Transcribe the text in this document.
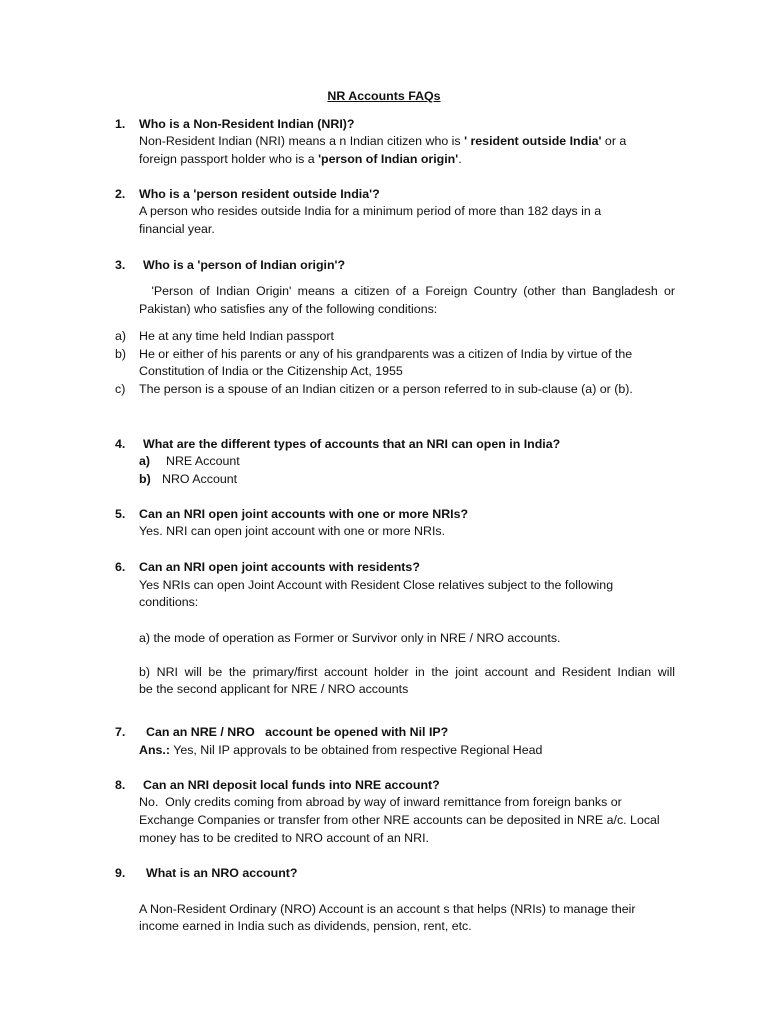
NR Accounts FAQs
1. Who is a Non-Resident Indian (NRI)?
Non-Resident Indian (NRI) means a n Indian citizen who is ' resident outside India' or a
foreign passport holder who is a 'person of Indian origin'.
2. Who is a 'person resident outside India'?
A person who resides outside India for a minimum period of more than 182 days in a
financial year.
3. Who is a 'person of Indian origin'?
'Person of Indian Origin' means a citizen of a Foreign Country (other than Bangladesh or
Pakistan) who satisfies any of the following conditions:
a) He at any time held Indian passport
b) He or either of his parents or any of his grandparents was a citizen of India by virtue of the
Constitution of India or the Citizenship Act, 1955
c) The person is a spouse of an Indian citizen or a person referred to in sub-clause (a) or (b).
4. What are the different types of accounts that an NRI can open in India?
a) NRE Account
b) NRO Account
5. Can an NRI open joint accounts with one or more NRIs?
Yes. NRI can open joint account with one or more NRIs.
6. Can an NRI open joint accounts with residents?
Yes NRIs can open Joint Account with Resident Close relatives subject to the following
conditions:
a) the mode of operation as Former or Survivor only in NRE / NRO accounts.
b) NRI will be the primary/first account holder in the joint account and Resident Indian will
be the second applicant for NRE / NRO accounts
7. Can an NRE / NRO   account be opened with Nil IP?
Ans.: Yes, Nil IP approvals to be obtained from respective Regional Head
8. Can an NRI deposit local funds into NRE account?
No.  Only credits coming from abroad by way of inward remittance from foreign banks or
Exchange Companies or transfer from other NRE accounts can be deposited in NRE a/c. Local
money has to be credited to NRO account of an NRI.
9. What is an NRO account?
A Non-Resident Ordinary (NRO) Account is an account s that helps (NRIs) to manage their
income earned in India such as dividends, pension, rent, etc.
